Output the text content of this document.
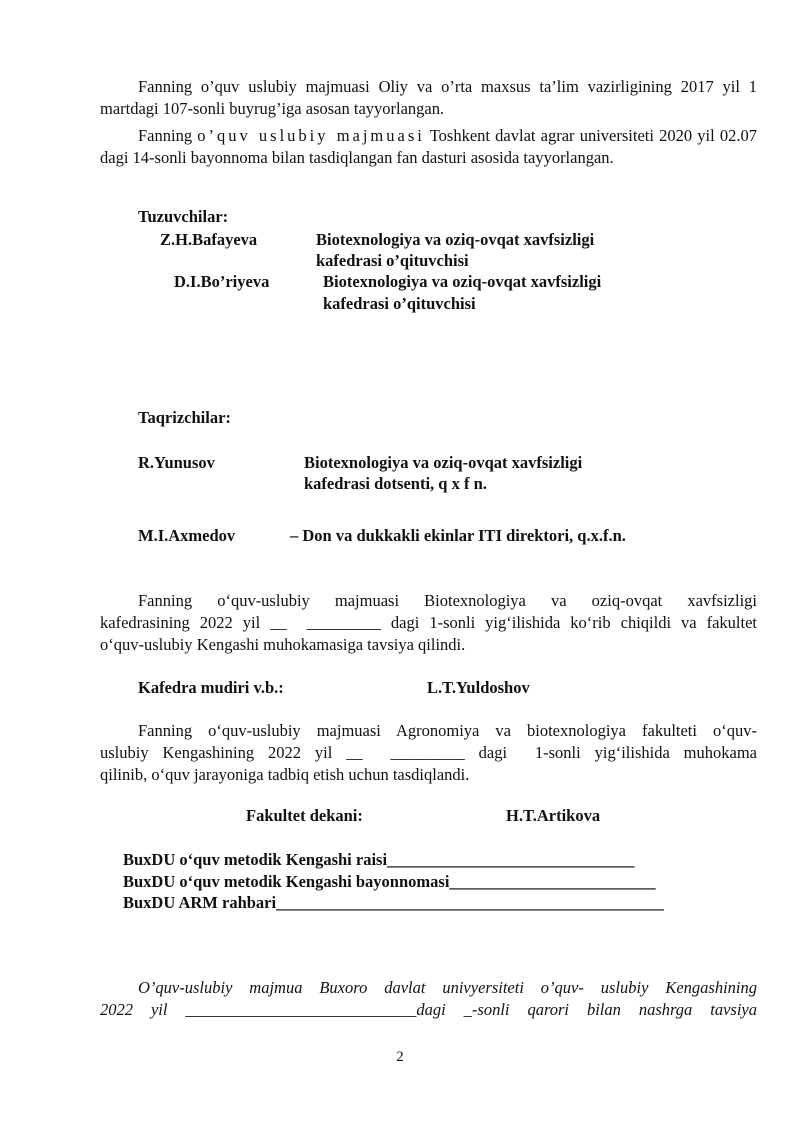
Fanning o’quv uslubiy majmuasi Oliy va o’rta maxsus ta’lim vazirligining 2017 yil 1 martdagi 107-sonli buyrug’iga asosan tayyorlangan.

Fanning o’quv uslubiy majmuasi Toshkent davlat agrar universiteti 2020 yil 02.07 dagi 14-sonli bayonnoma bilan tasdiqlangan fan dasturi asosida tayyorlangan.

Tuzuvchilar:
Z.H.Bafayeva	Biotexnologiya va oziq-ovqat xavfsizligi
kafedrasi o’qituvchisi
D.I.Bo’riyeva	Biotexnologiya va oziq-ovqat xavfsizligi
kafedrasi o’qituvchisi
Taqrizchilar:
R.Yunusov	Biotexnologiya va oziq-ovqat xavfsizligi
kafedrasi dotsenti, q x f n.
M.I.Axmedov	– Don va dukkakli ekinlar ITI direktori, q.x.f.n.
Fanning o‘quv-uslubiy majmuasi Biotexnologiya va oziq-ovqat xavfsizligi
kafedrasining 2022 yil __  _________ dagi 1-sonli yig‘ilishida ko‘rib chiqildi va fakultet
o‘quv-uslubiy Kengashi muhokamasiga tavsiya qilindi.
Kafedra mudiri v.b.:	L.T.Yuldoshov
Fanning o‘quv-uslubiy majmuasi Agronomiya va biotexnologiya fakulteti o‘quv-
uslubiy Kengashining 2022 yil __  _________ dagi  1-sonli yig‘ilishida muhokama
qilinib, o‘quv jarayoniga tadbiq etish uchun tasdiqlandi.
Fakultet dekani:	H.T.Artikova
BuxDU o‘quv metodik Kengashi raisi______________________________
BuxDU o‘quv metodik Kengashi bayonnomasi_________________________
BuxDU ARM rahbari_______________________________________________
O’quv-uslubiy majmua Buxoro davlat univyersiteti o’quv- uslubiy Kengashining
2022  yil  ____________________________dagi  _-sonli  qarori  bilan  nashrga  tavsiya
2
